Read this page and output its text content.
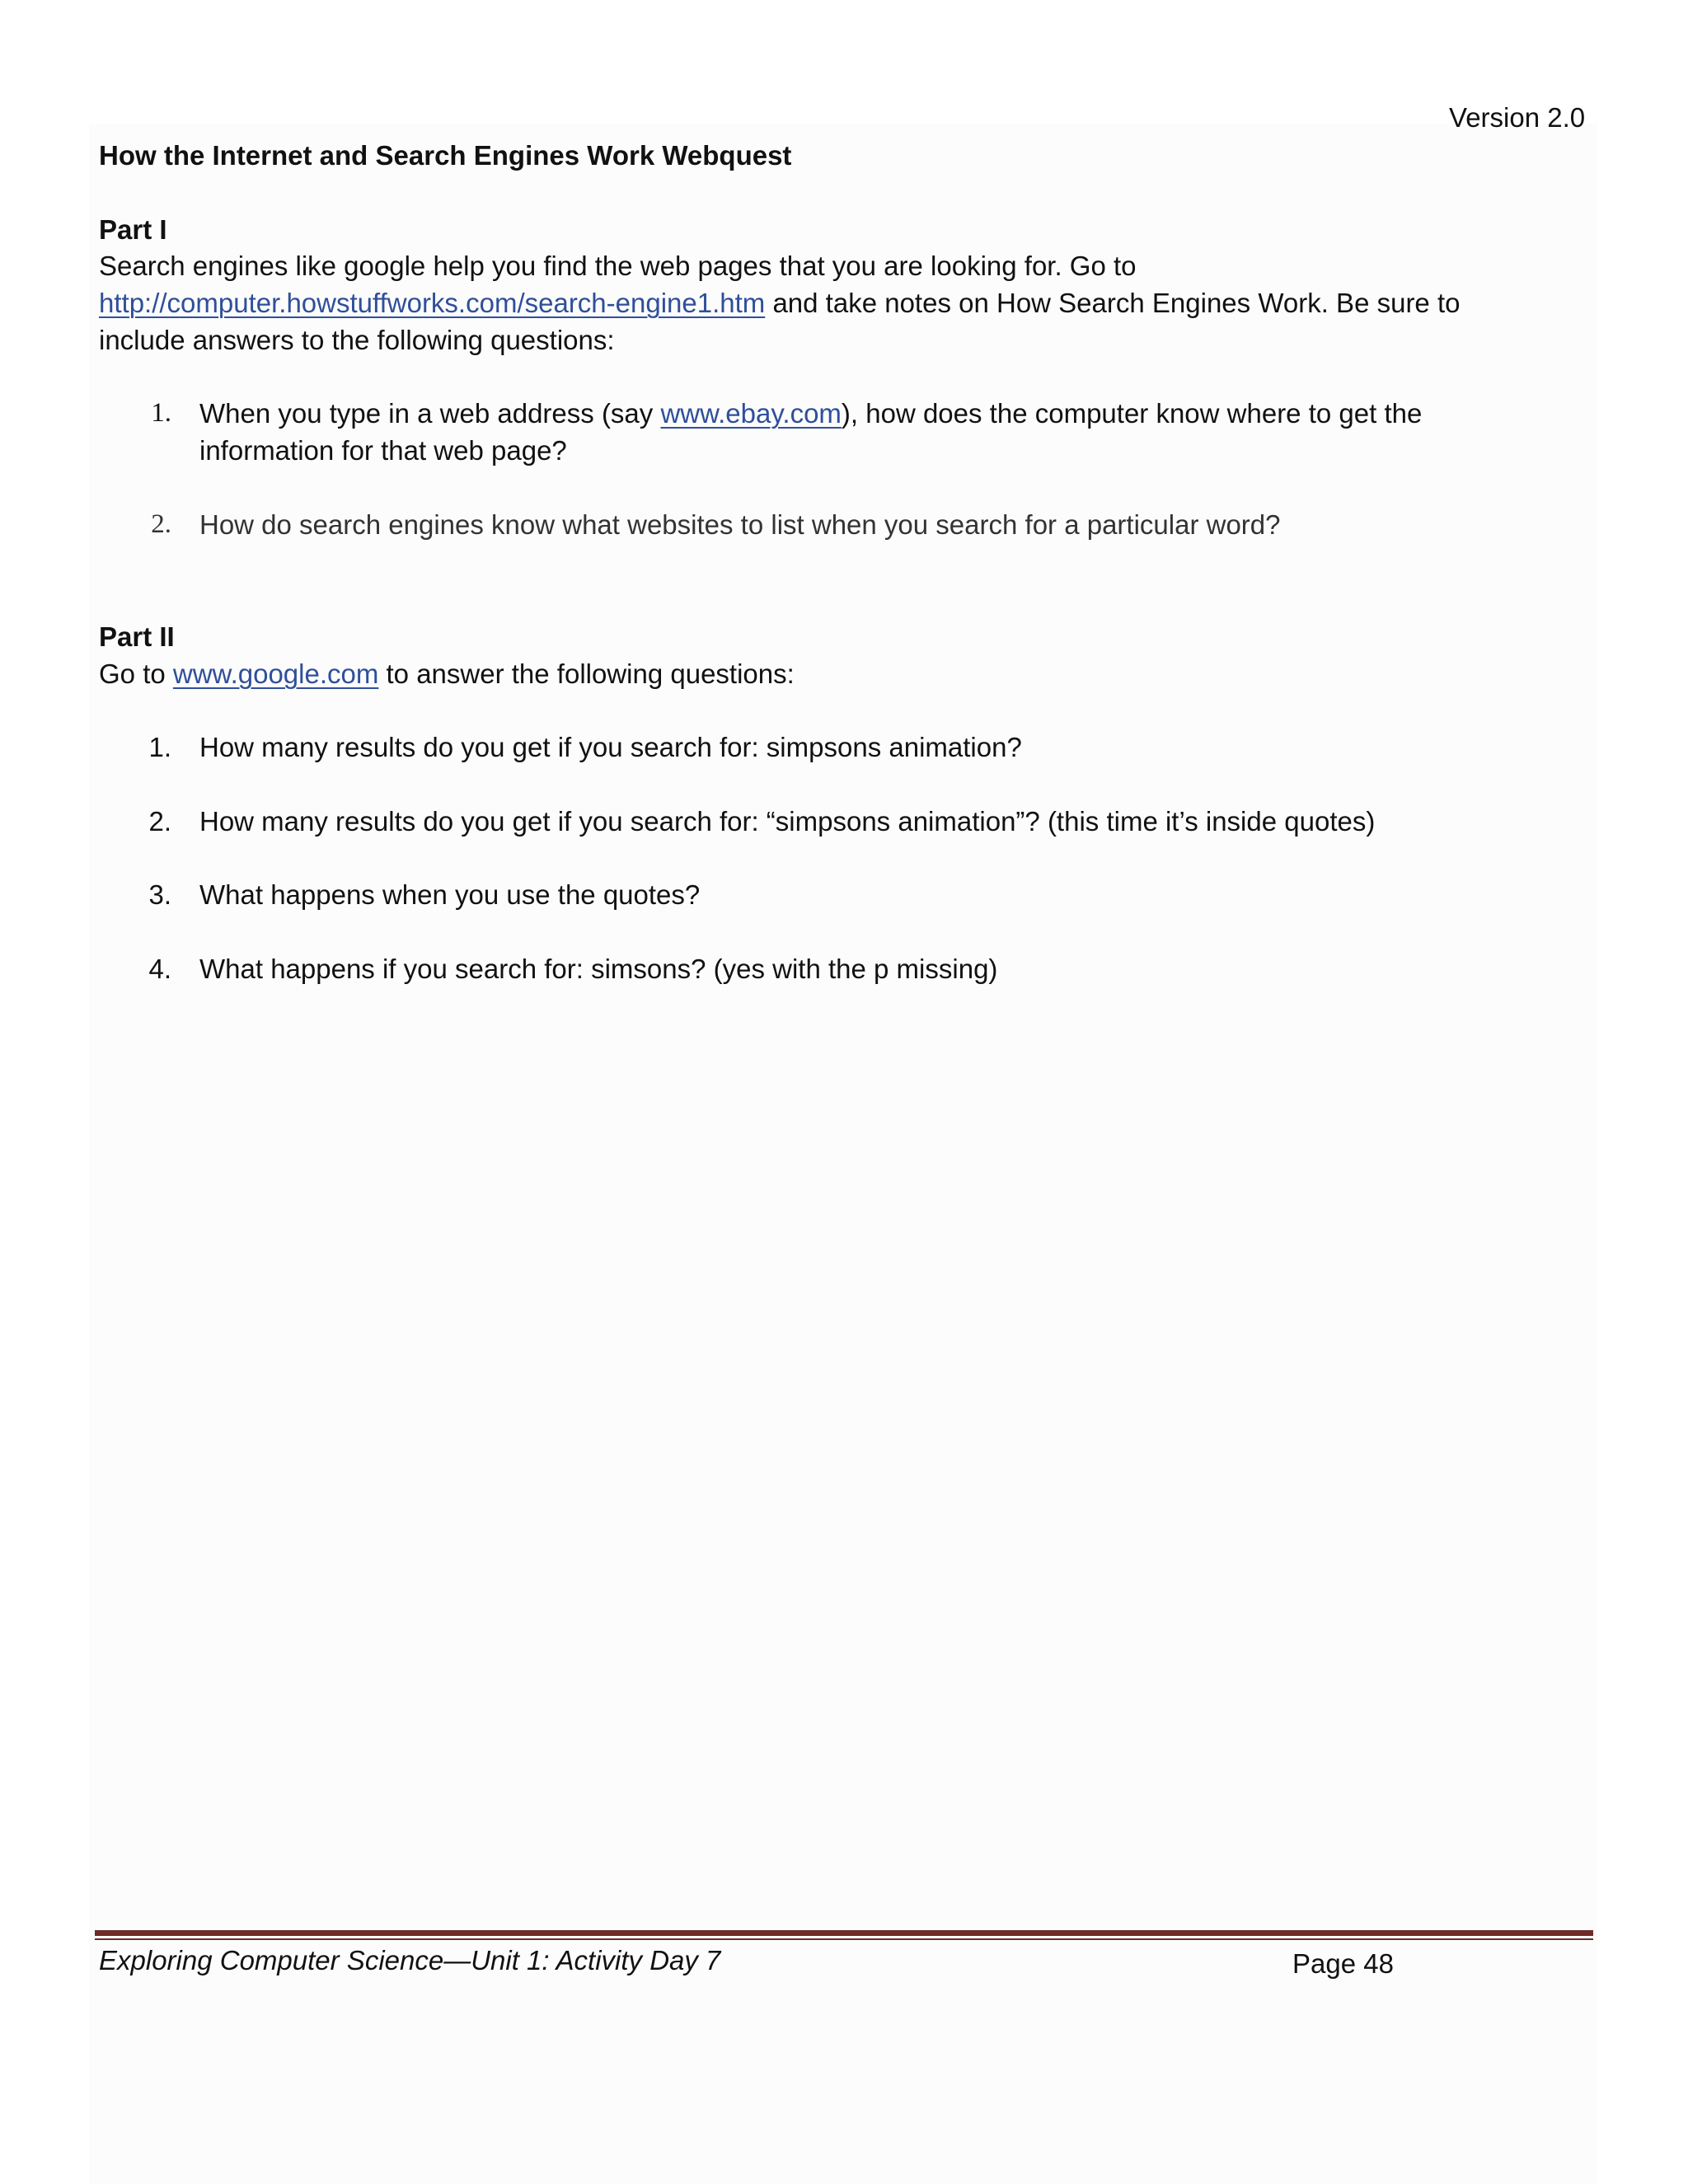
Version 2.0
How the Internet and Search Engines Work Webquest
Part I
Search engines like google help you find the web pages that you are looking for. Go to
http://computer.howstuffworks.com/search-engine1.htm and take notes on How Search Engines Work. Be sure to
include answers to the following questions:
1. When you type in a web address (say www.ebay.com), how does the computer know where to get the
information for that web page?
2. How do search engines know what websites to list when you search for a particular word?
Part II
Go to www.google.com to answer the following questions:
1. How many results do you get if you search for: simpsons animation?
2. How many results do you get if you search for: “simpsons animation”? (this time it’s inside quotes)
3. What happens when you use the quotes?
4. What happens if you search for: simsons? (yes with the p missing)
Exploring Computer Science—Unit 1: Activity Day 7	Page 48
